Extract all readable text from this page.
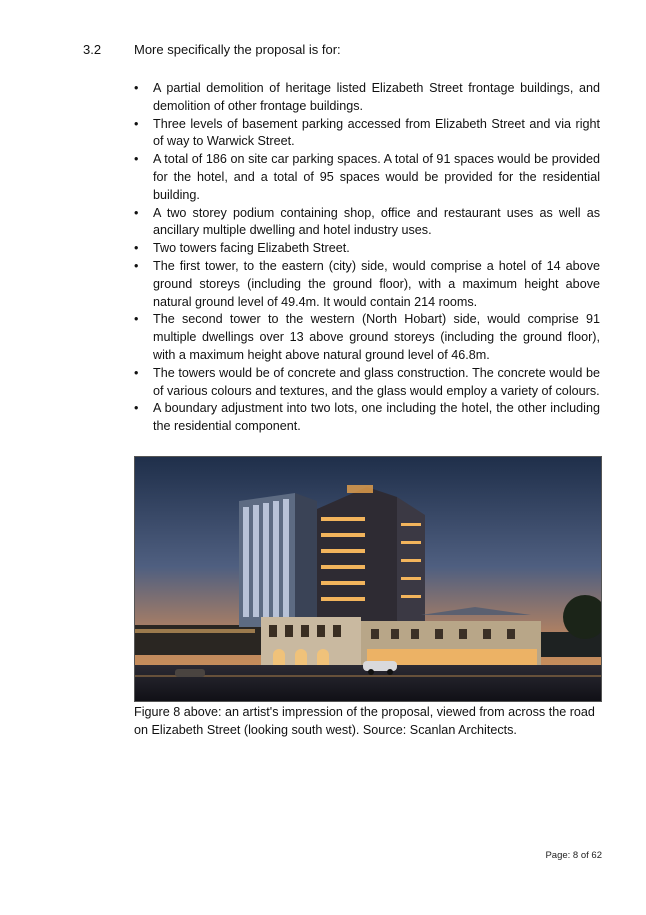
3.2	More specifically the proposal is for:
• A partial demolition of heritage listed Elizabeth Street frontage buildings, and demolition of other frontage buildings.
• Three levels of basement parking accessed from Elizabeth Street and via right of way to Warwick Street.
• A total of 186 on site car parking spaces. A total of 91 spaces would be provided for the hotel, and a total of 95 spaces would be provided for the residential building.
• A two storey podium containing shop, office and restaurant uses as well as ancillary multiple dwelling and hotel industry uses.
• Two towers facing Elizabeth Street.
• The first tower, to the eastern (city) side, would comprise a hotel of 14 above ground storeys (including the ground floor), with a maximum height above natural ground level of 49.4m. It would contain 214 rooms.
• The second tower to the western (North Hobart) side, would comprise 91 multiple dwellings over 13 above ground storeys (including the ground floor), with a maximum height above natural ground level of 46.8m.
• The towers would be of concrete and glass construction. The concrete would be of various colours and textures, and the glass would employ a variety of colours.
• A boundary adjustment into two lots, one including the hotel, the other including the residential component.
Figure 8 above: an artist's impression of the proposal, viewed from across the road on Elizabeth Street (looking south west). Source: Scanlan Architects.
Page: 8 of 62
